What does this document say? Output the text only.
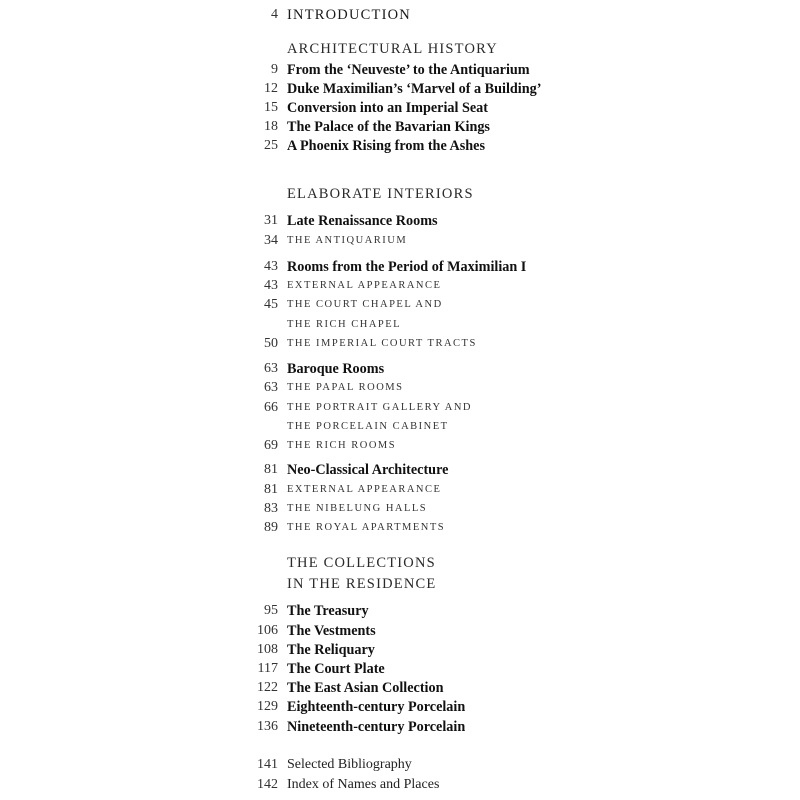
4 INTRODUCTION
ARCHITECTURAL HISTORY
9 From the ‘Neuveste’ to the Antiquarium
12 Duke Maximilian’s ‘Marvel of a Building’
15 Conversion into an Imperial Seat
18 The Palace of the Bavarian Kings
25 A Phoenix Rising from the Ashes
ELABORATE INTERIORS
31 Late Renaissance Rooms
34 THE ANTIQUARIUM
43 Rooms from the Period of Maximilian I
43 EXTERNAL APPEARANCE
45 THE COURT CHAPEL AND
THE RICH CHAPEL
50 THE IMPERIAL COURT TRACTS
63 Baroque Rooms
63 THE PAPAL ROOMS
66 THE PORTRAIT GALLERY AND
THE PORCELAIN CABINET
69 THE RICH ROOMS
81 Neo-Classical Architecture
81 EXTERNAL APPEARANCE
83 THE NIBELUNG HALLS
89 THE ROYAL APARTMENTS
THE COLLECTIONS
IN THE RESIDENCE
95 The Treasury
106 The Vestments
108 The Reliquary
117 The Court Plate
122 The East Asian Collection
129 Eighteenth-century Porcelain
136 Nineteenth-century Porcelain
141 Selected Bibliography
142 Index of Names and Places
